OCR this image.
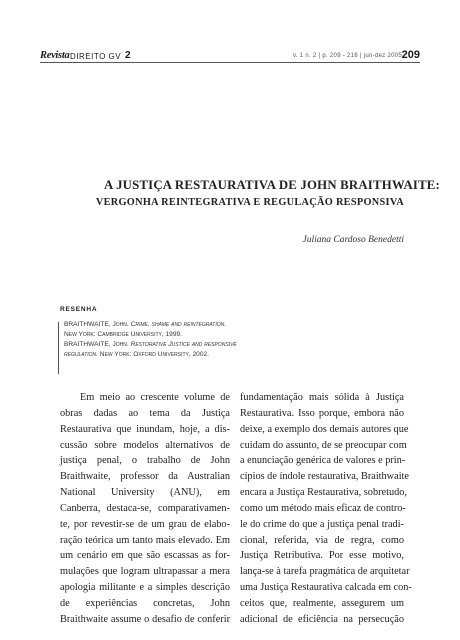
Revista DIREITO GV 2	v. 1 n. 2 | p. 209 - 216 | jun-dez 2005 :
209
A JUSTIÇA RESTAURATIVA DE JOHN BRAITHWAITE:
VERGONHA REINTEGRATIVA E REGULAÇÃO RESPONSIVA
Juliana Cardoso Benedetti
RESENHA
BRAITHWAITE, John. Crime, shame and reintegration.
New York: Cambridge University, 1999.
BRAITHWAITE, John. Restorative Justice and responsive
regulation. New York: Oxford University, 2002.
Em meio ao crescente volume de
obras dadas ao tema da Justiça
Restaurativa que inundam, hoje, a dis-
cussão sobre modelos alternativos de
justiça penal, o trabalho de John
Braithwaite, professor da Australian
National University (ANU), em
Canberra, destaca-se, comparativamen-
te, por revestir-se de um grau de elabo-
ração teórica um tanto mais elevado. Em
um cenário em que são escassas as for-
mulações que logram ultrapassar a mera
apologia militante e a simples descrição
de experiências concretas, John
Braithwaite assume o desafio de conferir
fundamentação mais sólida à Justiça
Restaurativa. Isso porque, embora não
deixe, a exemplo dos demais autores que
cuidam do assunto, de se preocupar com
a enunciação genérica de valores e prin-
cípios de índole restaurativa, Braithwaite
encara a Justiça Restaurativa, sobretudo,
como um método mais eficaz de contro-
le do crime do que a justiça penal tradi-
cional, referida, via de regra, como
Justiça Retributiva. Por esse motivo,
lança-se à tarefa pragmática de arquitetar
uma Justiça Restaurativa calcada em con-
ceitos que, realmente, assegurem um
adicional de eficiência na persecução
